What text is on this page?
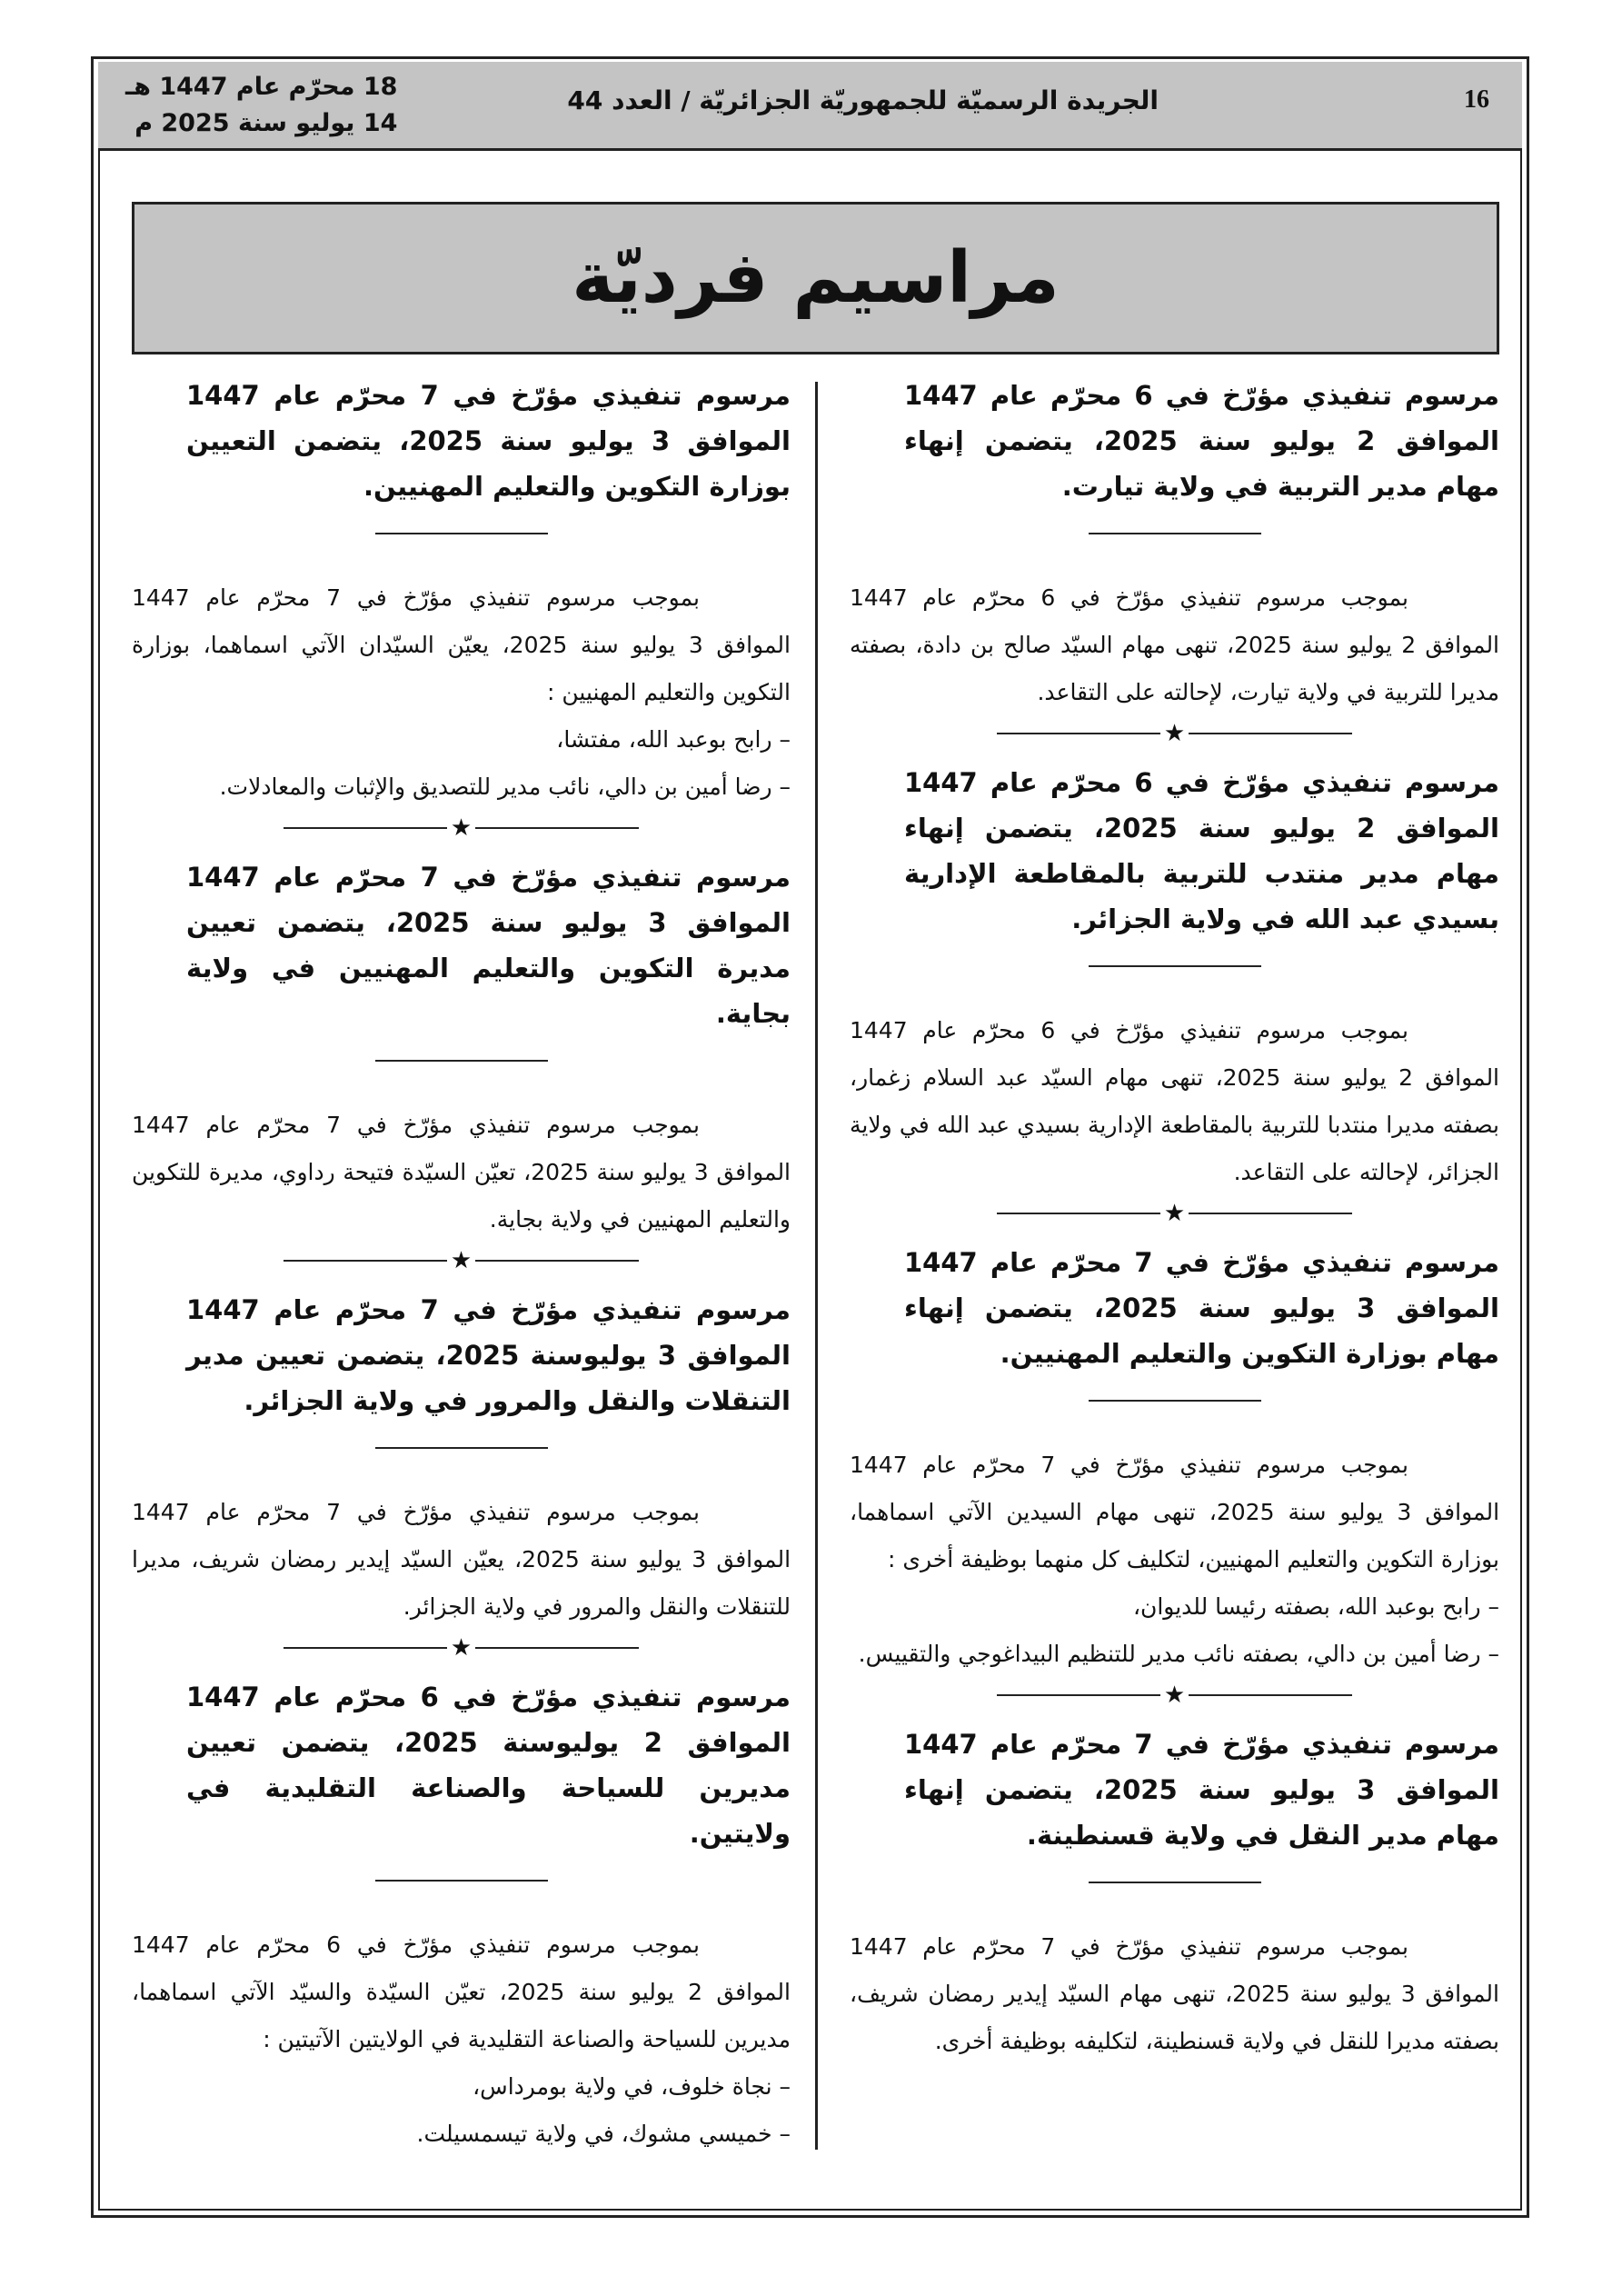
16
الجريدة الرسميّة للجمهوريّة الجزائريّة / العدد 44
18 محرّم عام 1447 هـ
14 يوليو سنة 2025 م
مراسيم فرديّة
مرسوم تنفيذي مؤرّخ في 6 محرّم عام 1447 الموافق 2 يوليو سنة 2025، يتضمن إنهاء مهام مدير التربية في ولاية تيارت.

بموجب مرسوم تنفيذي مؤرّخ في 6 محرّم عام 1447 الموافق 2 يوليو سنة 2025، تنهى مهام السيّد صالح بن دادة، بصفته مديرا للتربية في ولاية تيارت، لإحالته على التقاعد.

★
مرسوم تنفيذي مؤرّخ في 6 محرّم عام 1447 الموافق 2 يوليو سنة 2025، يتضمن إنهاء مهام مدير منتدب للتربية بالمقاطعة الإدارية بسيدي عبد الله في ولاية الجزائر.

بموجب مرسوم تنفيذي مؤرّخ في 6 محرّم عام 1447 الموافق 2 يوليو سنة 2025، تنهى مهام السيّد عبد السلام زغمار، بصفته مديرا منتدبا للتربية بالمقاطعة الإدارية بسيدي عبد الله في ولاية الجزائر، لإحالته على التقاعد.

★
مرسوم تنفيذي مؤرّخ في 7 محرّم عام 1447 الموافق 3 يوليو سنة 2025، يتضمن إنهاء مهام بوزارة التكوين والتعليم المهنيين.

بموجب مرسوم تنفيذي مؤرّخ في 7 محرّم عام 1447 الموافق 3 يوليو سنة 2025، تنهى مهام السيدين الآتي اسماهما، بوزارة التكوين والتعليم المهنيين، لتكليف كل منهما بوظيفة أخرى :

– رابح بوعبد الله، بصفته رئيسا للديوان،

– رضا أمين بن دالي، بصفته نائب مدير للتنظيم البيداغوجي والتقييس.

★
مرسوم تنفيذي مؤرّخ في 7 محرّم عام 1447 الموافق 3 يوليو سنة 2025، يتضمن إنهاء مهام مدير النقل في ولاية قسنطينة.

بموجب مرسوم تنفيذي مؤرّخ في 7 محرّم عام 1447 الموافق 3 يوليو سنة 2025، تنهى مهام السيّد إيدير رمضان شريف، بصفته مديرا للنقل في ولاية قسنطينة، لتكليفه بوظيفة أخرى.

مرسوم تنفيذي مؤرّخ في 7 محرّم عام 1447 الموافق 3 يوليو سنة 2025، يتضمن التعيين بوزارة التكوين والتعليم المهنيين.

بموجب مرسوم تنفيذي مؤرّخ في 7 محرّم عام 1447 الموافق 3 يوليو سنة 2025، يعيّن السيّدان الآتي اسماهما، بوزارة التكوين والتعليم المهنيين :

– رابح بوعبد الله، مفتشا،

– رضا أمين بن دالي، نائب مدير للتصديق والإثبات والمعادلات.

★
مرسوم تنفيذي مؤرّخ في 7 محرّم عام 1447 الموافق 3 يوليو سنة 2025، يتضمن تعيين مديرة التكوين والتعليم المهنيين في ولاية بجاية.

بموجب مرسوم تنفيذي مؤرّخ في 7 محرّم عام 1447 الموافق 3 يوليو سنة 2025، تعيّن السيّدة فتيحة رداوي، مديرة للتكوين والتعليم المهنيين في ولاية بجاية.

★
مرسوم تنفيذي مؤرّخ في 7 محرّم عام 1447 الموافق 3 يوليوسنة 2025، يتضمن تعيين مدير التنقلات والنقل والمرور في ولاية الجزائر.

بموجب مرسوم تنفيذي مؤرّخ في 7 محرّم عام 1447 الموافق 3 يوليو سنة 2025، يعيّن السيّد إيدير رمضان شريف، مديرا للتنقلات والنقل والمرور في ولاية الجزائر.

★
مرسوم تنفيذي مؤرّخ في 6 محرّم عام 1447 الموافق 2 يوليوسنة 2025، يتضمن تعيين مديرين للسياحة والصناعة التقليدية في ولايتين.

بموجب مرسوم تنفيذي مؤرّخ في 6 محرّم عام 1447 الموافق 2 يوليو سنة 2025، تعيّن السيّدة والسيّد الآتي اسماهما، مديرين للسياحة والصناعة التقليدية في الولايتين الآتيتين :

– نجاة خلوف، في ولاية بومرداس،

– خميسي مشوك، في ولاية تيسمسيلت.
